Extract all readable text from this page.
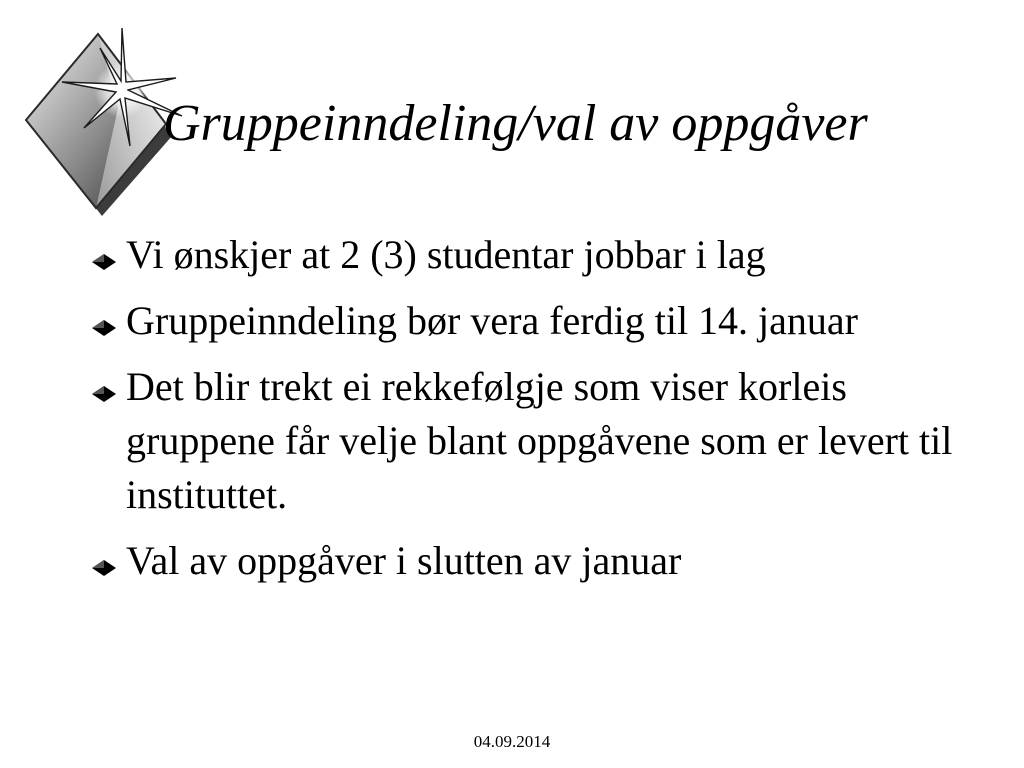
Gruppeinndeling/val av oppgåver
Vi ønskjer at 2 (3) studentar jobbar i lag
Gruppeinndeling bør vera ferdig til 14. januar
Det blir trekt ei rekkefølgje som viser korleis gruppene får velje blant oppgåvene som er levert til instituttet.
Val av oppgåver i slutten av januar
04.09.2014
